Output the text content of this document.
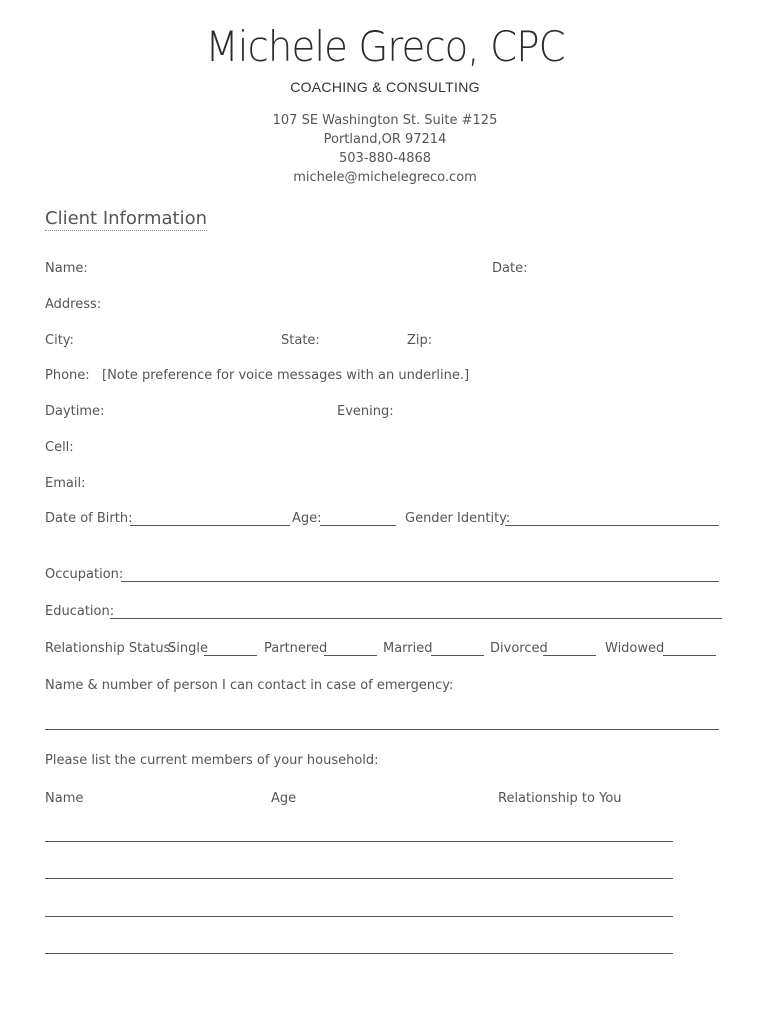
Michele Greco, CPC
COACHING & CONSULTING
107 SE Washington St. Suite #125
Portland,OR 97214
503-880-4868
michele@michelegreco.com
Client Information
Name:	Date:
Address:
City:	State:	Zip:
Phone: [Note preference for voice messages with an underline.]
Daytime:	Evening:
Cell:
Email:
Date of Birth:	Age:	Gender Identity:
Occupation:
Education:
Relationship Status:
Single	Partnered	Married	Divorced	Widowed
Name & number of person I can contact in case of emergency:
Please list the current members of your household:
Name	Age	Relationship to You
